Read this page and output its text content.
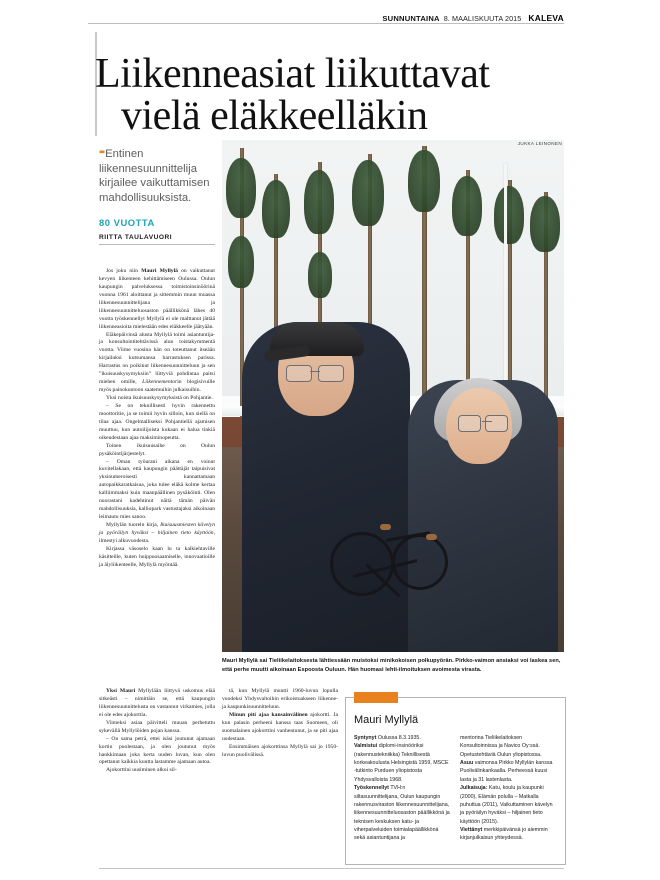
SUNNUNTAINA 8. MAALISKUUTA 2015 KALEVA
Liikenneasiat liikuttavat
vielä eläkkeelläkin
▪▪Entinen liikennesuunnittelija kirjailee vaikuttamisen mahdollisuuksista.
80 VUOTTA
RIITTA TAULAVUORI
JUKKA LEINONEN
Mauri Myllylä sai Tieliikelaitoksesta lähtiessään muistoksi minikokoisen polkupyörän. Pirkko-vaimon ansiaksi voi laskea sen, että perhe muutti aikoinaan Espoosta Ouluun. Hän huomasi lehti-ilmoituksen avoimesta virasta.

Jos joku niin Mauri Myllylä on vaikuttanut kevyen liikenteen kehittämiseen Oulussa. Oulun kaupungin palveluksessa toimistoinsinöörinä vuonna 1961 aloittanut ja sittemmin muun muassa liikennesuunnittelijana ja liikennesuunnitteluosaston päällikkönä lähes 40 vuotta työskennellyt Myllylä ei ole malttanut jättää liikenneasioita mielestään edes eläkkeelle jäätyään.

Eläkepäivinsä alusta Myllylä toimi asiantuntija- ja konsultointitehtävissä alun toistakymmentä vuotta. Viime vuosina hän on toteuttanut itseään kirjailuksi kutsumansa harrastuksen parissa. Harrastus on poikinut liikennesuunnitteluun ja sen ”ikuisuuskysymyksiin” liittyviä pohdintaa paitsi miehen omille, Liikennementorin blogisivuille myös painokuntoon saatemuihin julkaisuihin.

Yksi noista ikuisuuskysymyksistä on Pohjantie.

– Se on teknillisesti hyvin rakennettu moottoritie, ja se toimii hyvin silloin, kun siellä on tilaa ajaa. Ongelmalliseksi Pohjantiellä ajamisen muuttuu, kun autoilijoista kukaan ei halua tinkiä oikeudestaan ajaa maksiminopeutta.

Toinen ikuisuusaihe on Oulun pysäköintijärjestelyt.

– Oman työurani aikana en voinut kuvitellakaan, että kaupungin päättäjät taipuisivat yksinumeroisesti kannattamaan autopaikkaratkaisua, joka tulee eläkä kolme kertaa kalliimmaksi kuin maanpäällinen pysäköinti. Olen nuorastani kadehtinut näitä tämän päivän mahdollisuuksia, kalliopark vastustajaksi aikoinaan leimautu mies sanoo.

Myllylän tuoreln kirja, Ikuisuusmiesten kävelyn ja pyöräilyn hyväksi – hiljainen tieto käyttöön, ilmestyi alkuvuodesta.

Kirjassa väsoselo kaan lu ta kalkiehtaville käsitteille, kuten huippuosaamiselle, innovaatioille ja älyliikenteelle, Myllylä myöntää.

Yksi Mauri Myllylään liittyvä uskomus elää sitkeästi – nimittäin se, että kaupungin liikennesuunnittelusta on vastannut virkamies, jolla ei ole edes ajokorttia.

Viimeksi asiaa päivitteli muuan perhetuttu sykevällä Myllylöiden pojan kanssa.

– On sama peträ, ettei isäsi joutunut ajamaan kortin puolestaan, ja olen joutunut myös hankkimaan joka kerta uuden luvan, kun olen opettanut kaikkia kuutta lastamme ajamaan autoa.

Ajokorttini uusiminen alkoi sil-

tä, kun Myllylä muutti 1960-luvun lopulla vuodeksi Yhdysvaltoihin erikoistuakseen liikenne- ja kaupunkisuunnitteluun.

Minun piti ajaa kansainvälinen ajokortti. Ja kun palasin perheeni kanssa taas Suomeen, oli suomalainen ajokorttini vanhentunut, ja se piti ajaa uudestaan.

Ensimmäisen ajokorttinsa Myllylä sai jo 1950-luvun puolivälissä.

Mauri Myllylä

Syntynyt Oulussa 8.3.1935.

Valmistui diplomi-insinööriksi (rakennustekniikka) Teknillisestä korkeakoulusta Helsingistä 1959, MSCE -tutkinto Purduen yliopistosta Yhdysvalloista 1968.

Työskennellyt TVH:n siltasuunnittelijana, Oulun kaupungin rakennusviraston liikennesuunnittelijana, liikennesuunnitteluosaston päällikkönä ja teknisen keskuksen katu- ja viherpalveluiden toimialapäällikkönä sekä asiantuntijana ja

mentorina Tieliikelaitoksen Konsultoinnissa ja Navico Oy:ssä. Opetustehtäviä Oulun yliopistossa.

Asuu vaimonsa Pirkko Myllylän kanssa Puolivälinkankaalla. Perheessä kuusi lasta ja 31 lastenlasta.

Julkaisuja: Katu, koulu ja kaupunki (2000), Elämän polulla – Matkalla puhuttua (2011), Vaikuttaminen kävelyn ja pyöräilyn hyväksi – hiljainen tieto käyttöön (2015).

Viettänyt merkkipäivänsä jo aiemmin kirjanjulkaisun yhteydessä.
